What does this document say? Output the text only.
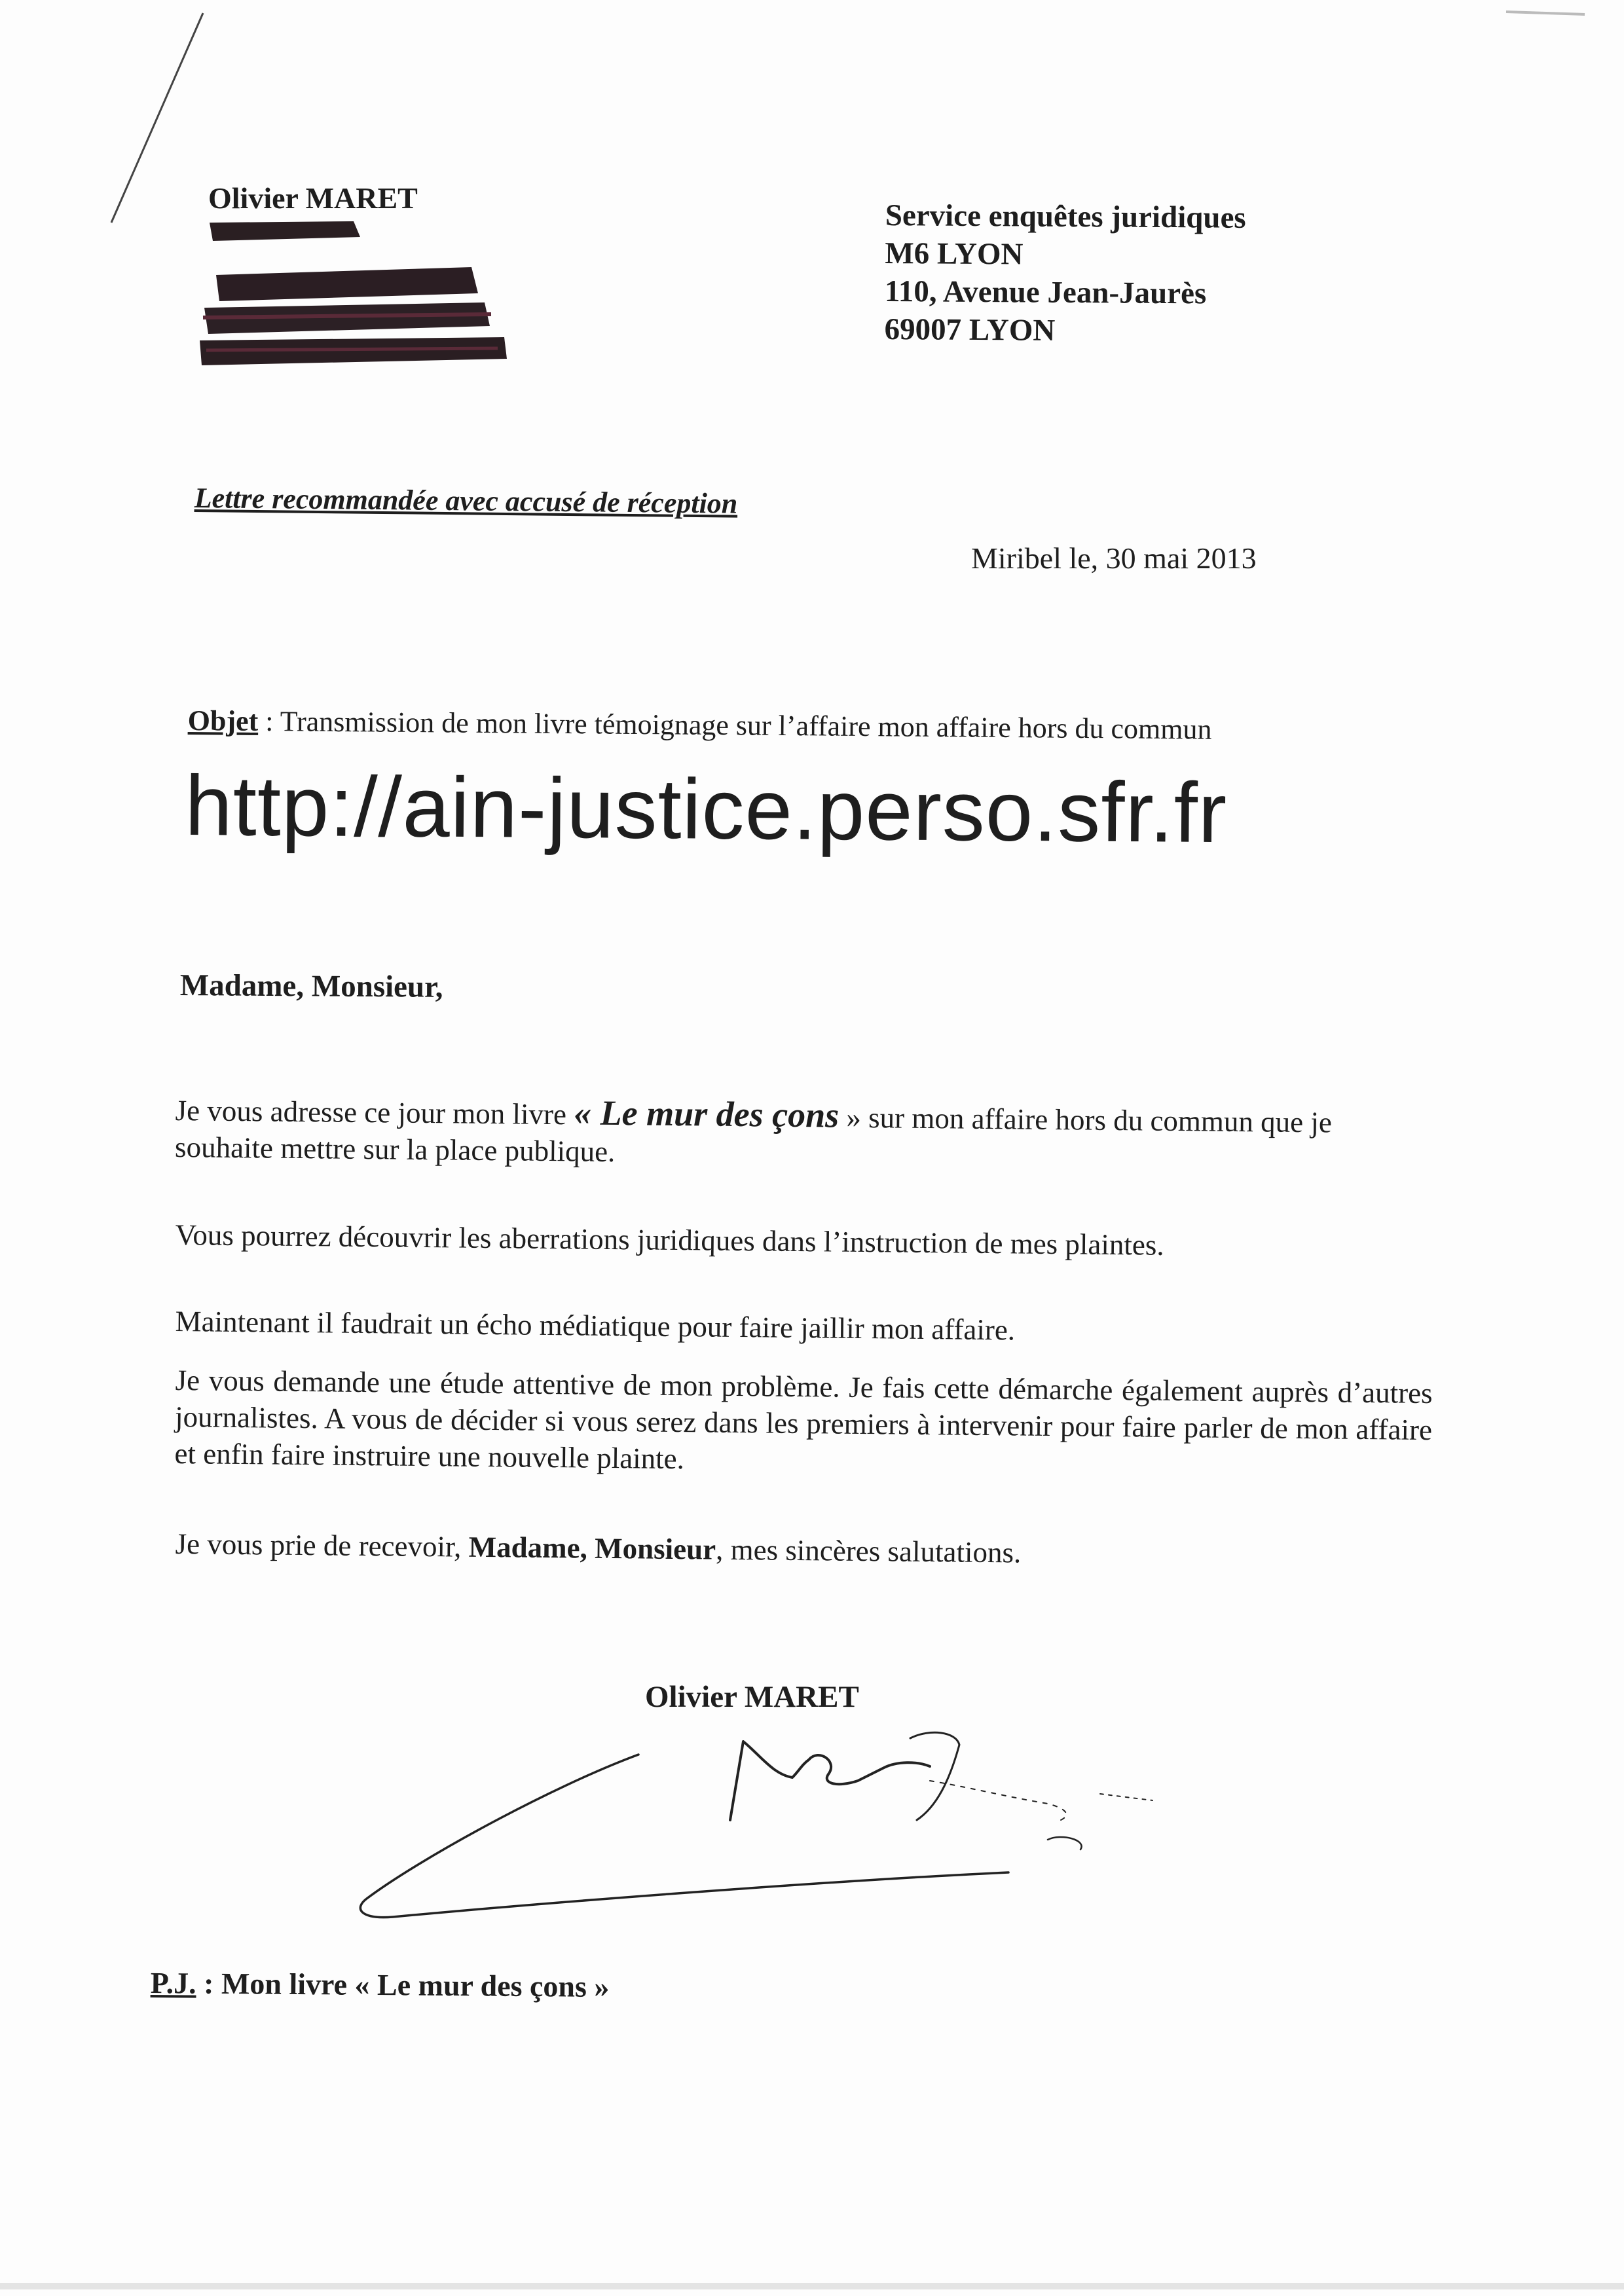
Olivier MARET
Service enquêtes juridiques
M6 LYON
110, Avenue Jean-Jaurès
69007 LYON
Lettre recommandée avec accusé de réception
Miribel le, 30 mai 2013
Objet : Transmission de mon livre témoignage sur l’affaire mon affaire hors du commun
http://ain-justice.perso.sfr.fr
Madame, Monsieur,
Je vous adresse ce jour mon livre « Le mur des çons » sur mon affaire hors du commun que je souhaite mettre sur la place publique.
Vous pourrez découvrir les aberrations juridiques dans l’instruction de mes plaintes.
Maintenant il faudrait un écho médiatique pour faire jaillir mon affaire.
Je vous demande une étude attentive de mon problème. Je fais cette démarche également auprès d’autres journalistes. A vous de décider si vous serez dans les premiers à intervenir pour faire parler de mon affaire et enfin faire instruire une nouvelle plainte.
Je vous prie de recevoir, Madame, Monsieur, mes sincères salutations.
Olivier MARET
P.J. : Mon livre « Le mur des çons »
